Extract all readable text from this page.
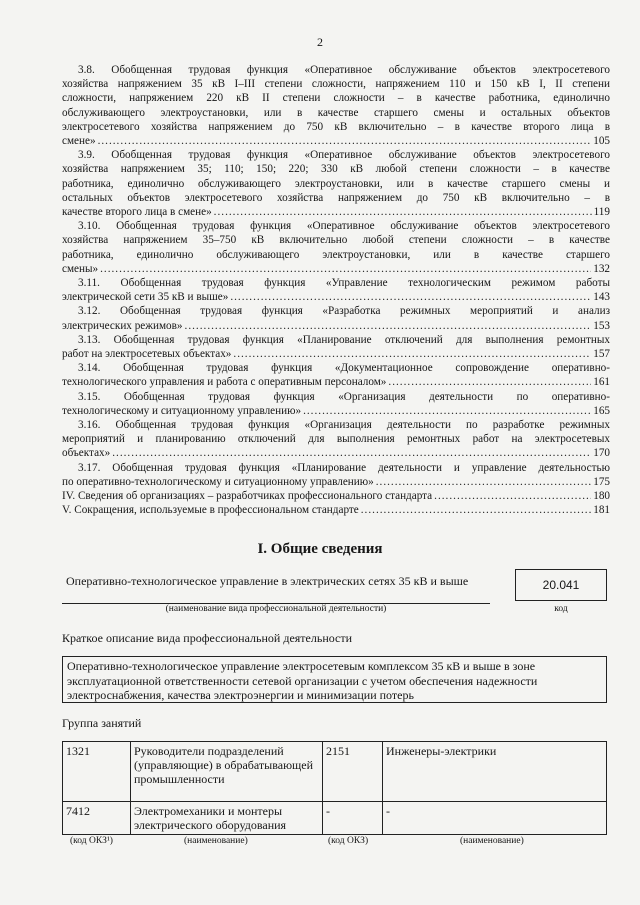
2
3.8. Обобщенная трудовая функция «Оперативное обслуживание объектов электросетевого
хозяйства напряжением 35 кВ I–III степени сложности, напряжением 110 и 150 кВ I, II степени
сложности, напряжением 220 кВ II степени сложности – в качестве работника, единолично
обслуживающего электроустановки, или в качестве старшего смены и остальных объектов
электросетевого хозяйства напряжением до 750 кВ включительно – в качестве второго лица в
смене» .....	105
3.9. Обобщенная трудовая функция «Оперативное обслуживание объектов электросетевого
хозяйства напряжением 35; 110; 150; 220; 330 кВ любой степени сложности – в качестве
работника, единолично обслуживающего электроустановки, или в качестве старшего смены и
остальных объектов электросетевого хозяйства напряжением до 750 кВ включительно – в
качестве второго лица в смене» .....	119
3.10. Обобщенная трудовая функция «Оперативное обслуживание объектов электросетевого
хозяйства напряжением 35–750 кВ включительно любой степени сложности – в качестве
работника, единолично обслуживающего электроустановки, или в качестве старшего
смены» .....	132
3.11. Обобщенная трудовая функция «Управление технологическим режимом работы
электрической сети 35 кВ и выше» .....	143
3.12. Обобщенная трудовая функция «Разработка режимных мероприятий и анализ
электрических режимов» .....	153
3.13. Обобщенная трудовая функция «Планирование отключений для выполнения ремонтных
работ на электросетевых объектах» .....	157
3.14. Обобщенная трудовая функция «Документационное сопровождение оперативно-
технологического управления и работа с оперативным персоналом» .....	161
3.15. Обобщенная трудовая функция «Организация деятельности по оперативно-
технологическому и ситуационному управлению» .....	165
3.16. Обобщенная трудовая функция «Организация деятельности по разработке режимных
мероприятий и планированию отключений для выполнения ремонтных работ на электросетевых
объектах» .....	170
3.17. Обобщенная трудовая функция «Планирование деятельности и управление деятельностью
по оперативно-технологическому и ситуационному управлению» .....	175
IV. Сведения об организациях – разработчиках профессионального стандарта .....	180
V. Сокращения, используемые в профессиональном стандарте .....	181
I. Общие сведения
Оперативно-технологическое управление в электрических сетях 35 кВ и выше
(наименование вида профессиональной деятельности)
20.041
код
Краткое описание вида профессиональной деятельности
Оперативно-технологическое управление электросетевым комплексом 35 кВ и выше в зоне эксплуатационной ответственности сетевой организации с учетом обеспечения надежности электроснабжения, качества электроэнергии и минимизации потерь
Группа занятий
1321	Руководители подразделений (управляющие) в обрабатывающей промышленности	2151	Инженеры-электрики
7412	Электромеханики и монтеры электрического оборудования	-	-
(код ОКЗ¹)	(наименование)	(код ОКЗ)	(наименование)
